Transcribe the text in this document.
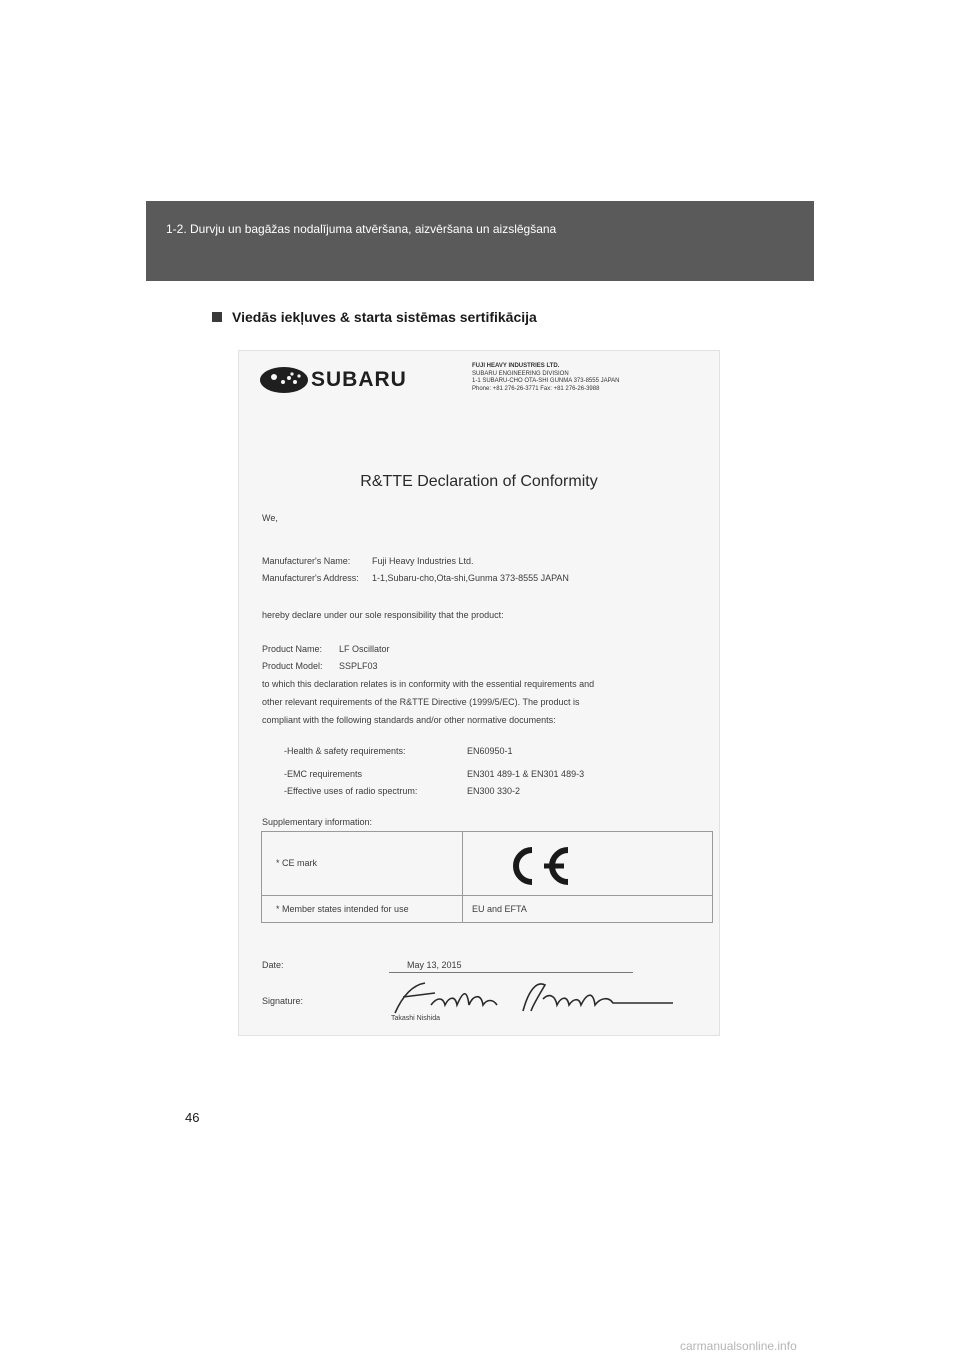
1-2. Durvju un bagāžas nodalījuma atvēršana, aizvēršana un aizslēgšana
Viedās iekļuves & starta sistēmas sertifikācija
SUBARU
FUJI HEAVY INDUSTRIES LTD.
SUBARU ENGINEERING DIVISION
1-1 SUBARU-CHO OTA-SHI GUNMA 373-8555 JAPAN
Phone: +81 276-26-3771 Fax: +81 276-26-3988
R&TTE Declaration of Conformity
We,
Manufacturer's Name: Fuji Heavy Industries Ltd.
Manufacturer's Address: 1-1,Subaru-cho,Ota-shi,Gunma 373-8555 JAPAN
hereby declare under our sole responsibility that the product:
Product Name: LF Oscillator
Product Model: SSPLF03
to which this declaration relates is in conformity with the essential requirements and
other relevant requirements of the R&TTE Directive (1999/5/EC). The product is
compliant with the following standards and/or other normative documents:
-Health & safety requirements:	EN60950-1
-EMC requirements	EN301 489-1 & EN301 489-3
-Effective uses of radio spectrum:	EN300 330-2
Supplementary information:
* CE mark
* Member states intended for use	EU and EFTA
Date:	May 13, 2015
Signature:
Takashi Nishida
46
carmanualsonline.info
